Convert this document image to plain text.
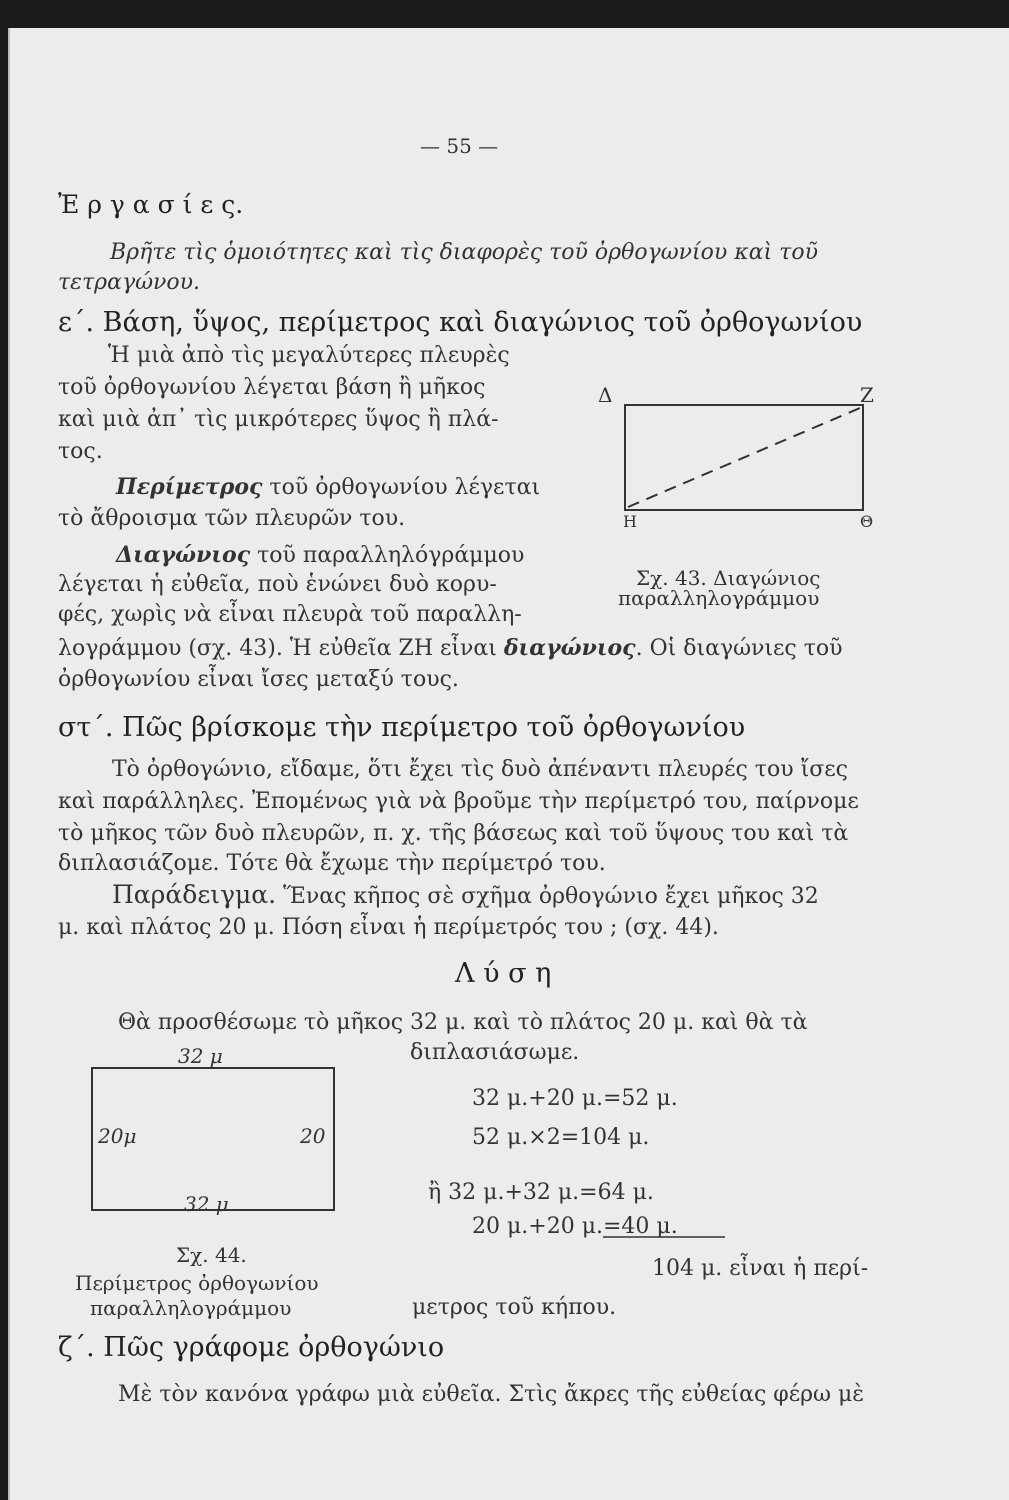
— 55 —
Ἐ ρ γ α σ ί ε ς.
Βρῆτε τὶς ὁμοιότητες καὶ τὶς διαφορὲς τοῦ ὀρθογωνίου καὶ τοῦ
τετραγώνου.
ε΄. Βάση, ὕψος, περίμετρος καὶ διαγώνιος τοῦ ὀρθογωνίου
Ἡ μιὰ ἀπὸ τὶς μεγαλύτερες πλευρὲς
τοῦ ὀρθογωνίου λέγεται βάση ἢ μῆκος
καὶ μιὰ ἀπ᾿ τὶς μικρότερες ὕψος ἢ πλά-
τος.
Περίμετρος τοῦ ὀρθογωνίου λέγεται
τὸ ἄθροισμα τῶν πλευρῶν του.
Διαγώνιος τοῦ παραλληλόγράμμου
λέγεται ἡ εὐθεῖα, ποὺ ἑνώνει δυὸ κορυ-
φές, χωρὶς νὰ εἶναι πλευρὰ τοῦ παραλλη-
λογράμμου (σχ. 43). Ἡ εὐθεῖα ΖΗ εἶναι διαγώνιος. Οἱ διαγώνιες τοῦ
ὀρθογωνίου εἶναι ἴσες μεταξύ τους.
Δ	Ζ
Η	Θ
Σχ. 43. Διαγώνιος
παραλληλογράμμου
στ΄. Πῶς βρίσκομε τὴν περίμετρο τοῦ ὀρθογωνίου
Τὸ ὀρθογώνιο, εἴδαμε, ὅτι ἔχει τὶς δυὸ ἀπέναντι πλευρές του ἴσες
καὶ παράλληλες. Ἐπομένως γιὰ νὰ βροῦμε τὴν περίμετρό του, παίρνομε
τὸ μῆκος τῶν δυὸ πλευρῶν, π. χ. τῆς βάσεως καὶ τοῦ ὕψους του καὶ τὰ
διπλασιάζομε. Τότε θὰ ἔχωμε τὴν περίμετρό του.
Παράδειγμα. Ἕνας κῆπος σὲ σχῆμα ὀρθογώνιο ἔχει μῆκος 32
μ. καὶ πλάτος 20 μ. Πόση εἶναι ἡ περίμετρός του ; (σχ. 44).
Λ ύ σ η
Θὰ προσθέσωμε τὸ μῆκος 32 μ. καὶ τὸ πλάτος 20 μ. καὶ θὰ τὰ
διπλασιάσωμε.
32 μ
20μ	20
32 μ
Σχ. 44.
Περίμετρος ὀρθογωνίου
παραλληλογράμμου
32 μ.+20 μ.=52 μ.
52 μ.×2=104 μ.
ἢ 32 μ.+32 μ.=64 μ.
20 μ.+20 μ.=40 μ.
104 μ. εἶναι ἡ περί-
μετρος τοῦ κήπου.
ζ΄. Πῶς γράφομε ὀρθογώνιο
Μὲ τὸν κανόνα γράφω μιὰ εὐθεῖα. Στὶς ἄκρες τῆς εὐθείας φέρω μὲ
